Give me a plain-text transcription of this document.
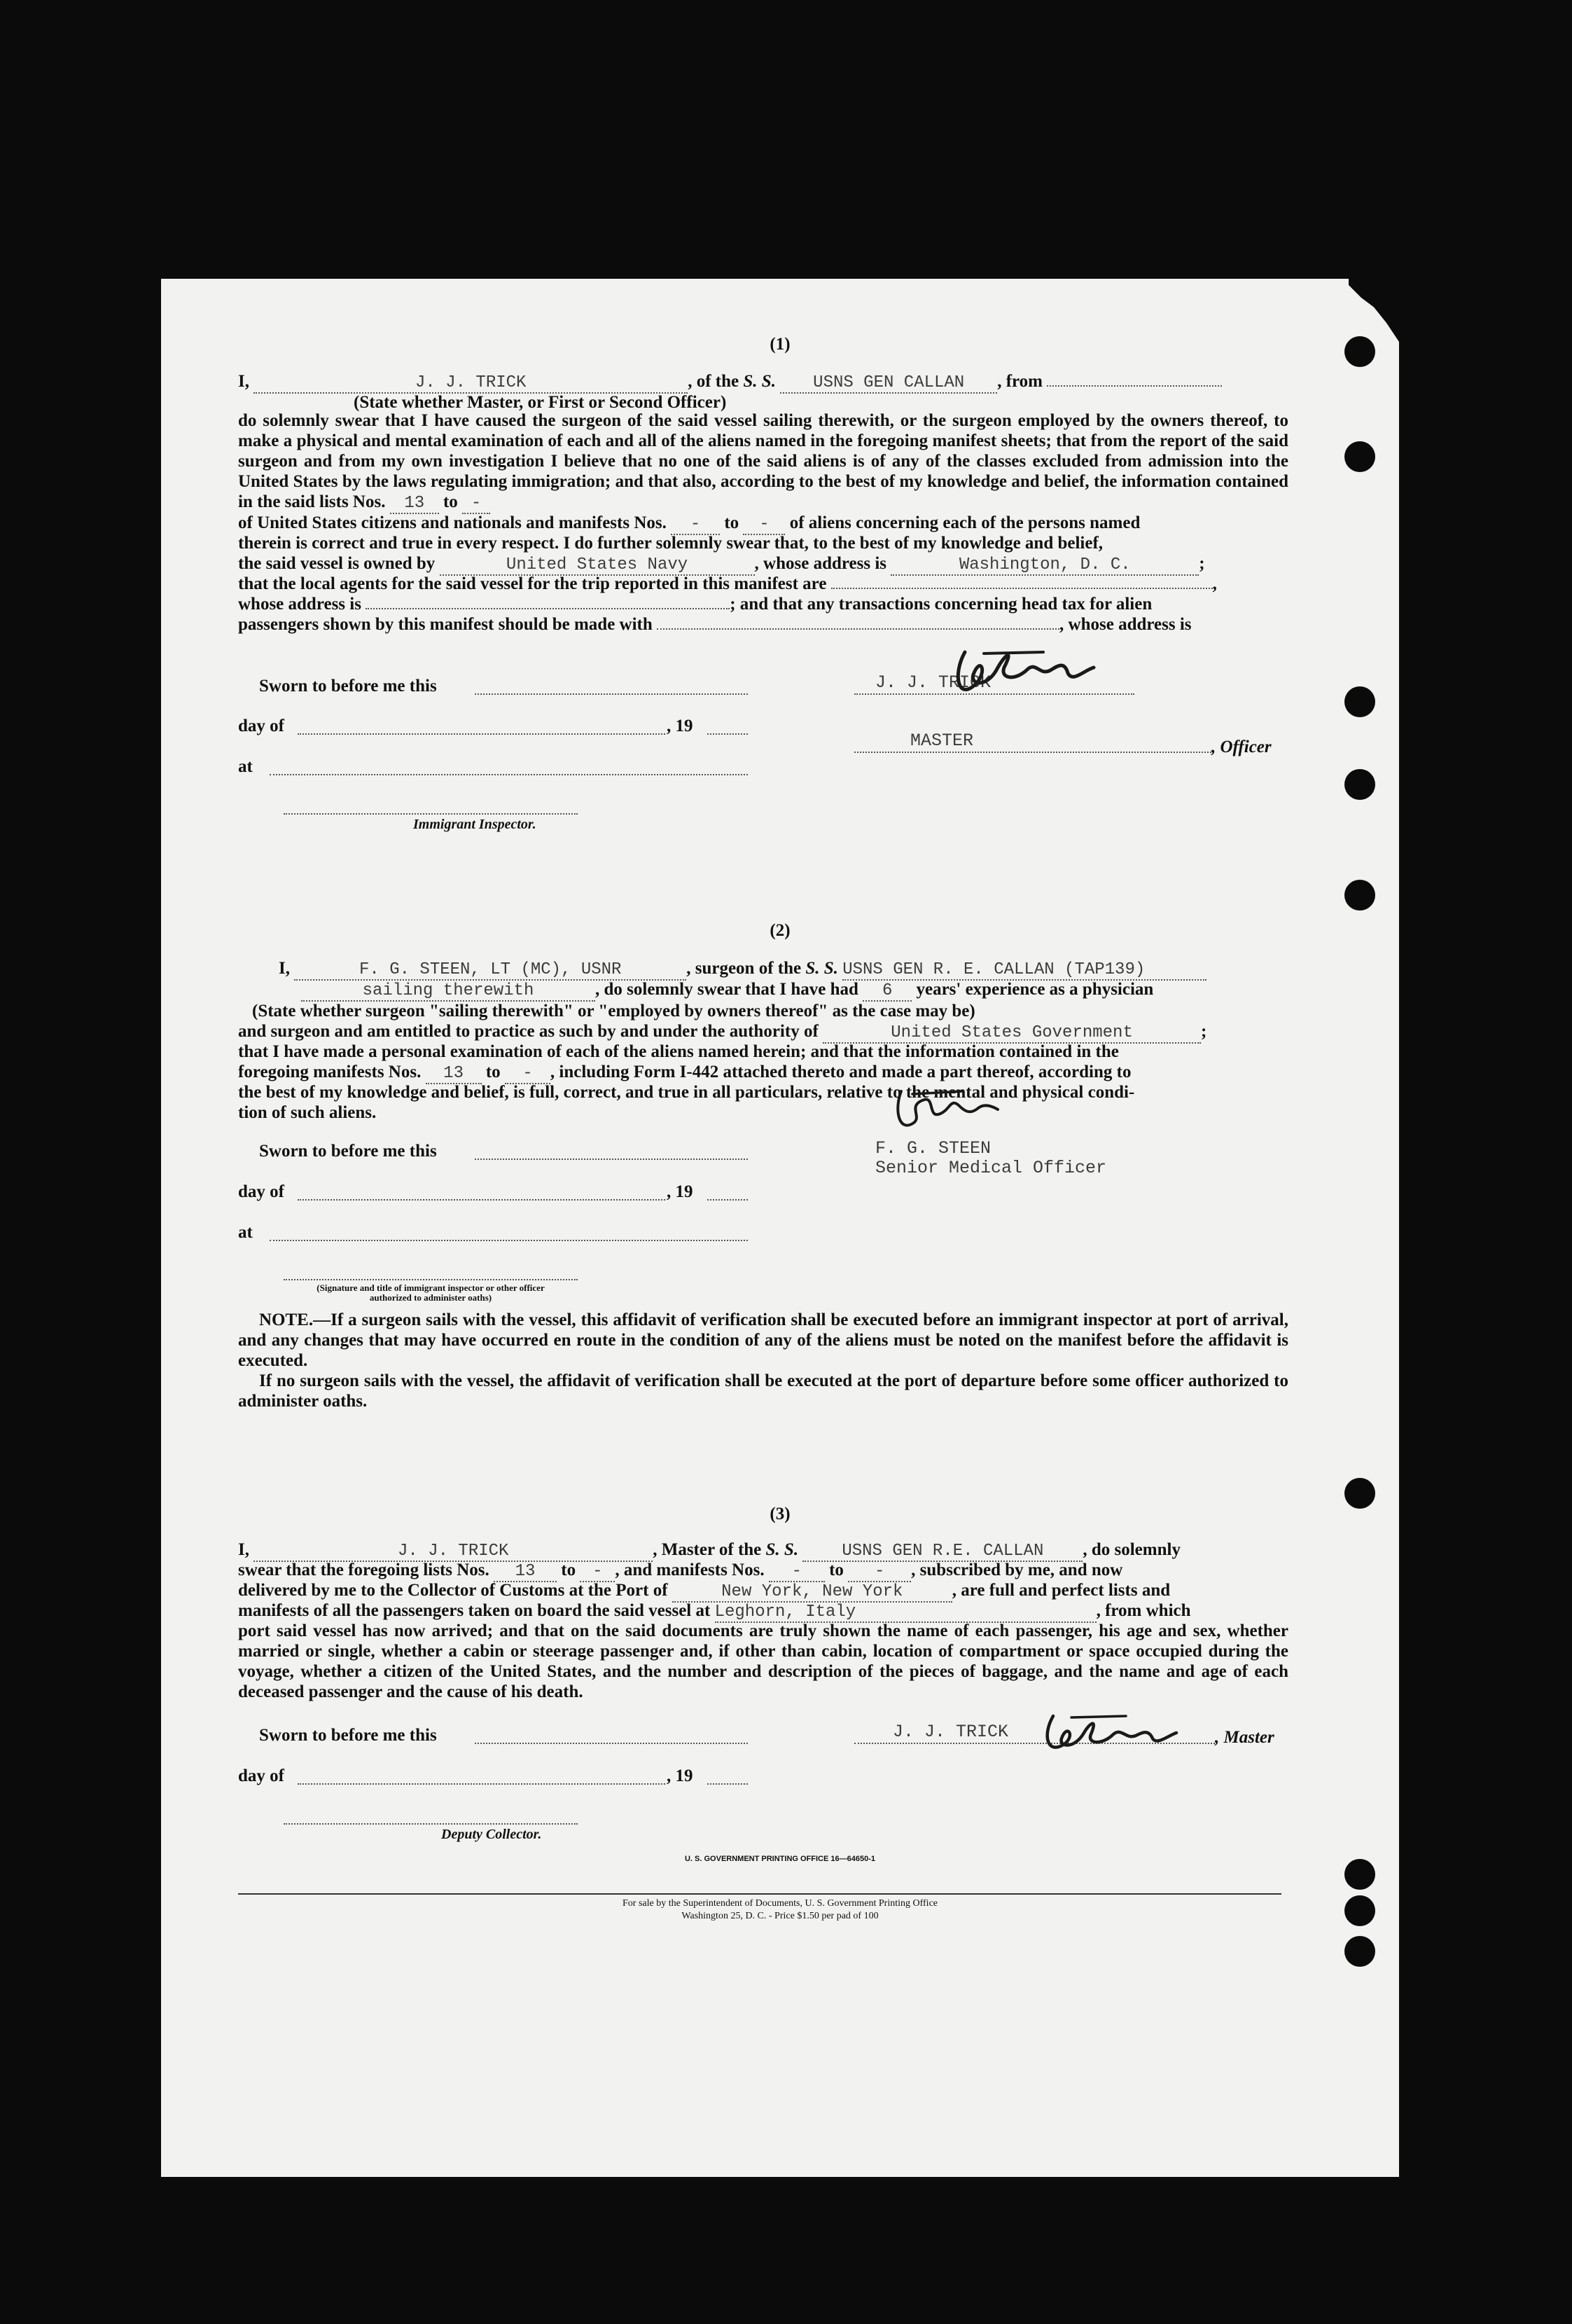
(1)
I,	J. J. TRICK	, of the S. S. USNS GEN CALLAN , from
(State whether Master, or First or Second Officer)
do solemnly swear that I have caused the surgeon of the said vessel sailing therewith, or the surgeon employed by the owners thereof, to make a physical and mental examination of each and all of the aliens named in the foregoing manifest sheets; that from the report of the said surgeon and from my own investigation I believe that no one of the said aliens is of any of the classes excluded from admission into the United States by the laws regulating immigration; and that also, according to the best of my knowledge and belief, the information contained in the said lists Nos. 13 to -
of United States citizens and nationals and manifests Nos. - to - of aliens concerning each of the persons named
therein is correct and true in every respect. I do further solemnly swear that, to the best of my knowledge and belief,
the said vessel is owned by	United States Navy	, whose address is	Washington, D. C.	;
that the local agents for the said vessel for the trip reported in this manifest are	,
whose address is	; and that any transactions concerning head tax for alien
passengers shown by this manifest should be made with	, whose address is
Sworn to before me this
day of	, 19
at
Immigrant Inspector.
J. J. TRICK
MASTER	, Officer
(2)
I,	F. G. STEEN, LT (MC), USNR	, surgeon of the S. S. USNS GEN R. E. CALLAN (TAP139)
sailing therewith	, do solemnly swear that I have had 6 years' experience as a physician
(State whether surgeon "sailing therewith" or "employed by owners thereof" as the case may be)
and surgeon and am entitled to practice as such by and under the authority of	United States Government	;
that I have made a personal examination of each of the aliens named herein; and that the information contained in the
foregoing manifests Nos. 13 to - , including Form I-442 attached thereto and made a part thereof, according to
the best of my knowledge and belief, is full, correct, and true in all particulars, relative to the mental and physical condi-
tion of such aliens.
Sworn to before me this
day of	, 19
at
(Signature and title of immigrant inspector or other officer authorized to administer oaths)
F. G. STEEN
Senior Medical Officer
NOTE.—If a surgeon sails with the vessel, this affidavit of verification shall be executed before an immigrant inspector at port of arrival, and any changes that may have occurred en route in the condition of any of the aliens must be noted on the manifest before the affidavit is executed.
If no surgeon sails with the vessel, the affidavit of verification shall be executed at the port of departure before some officer authorized to administer oaths.
(3)
I,	J. J. TRICK	, Master of the S. S.	USNS GEN R.E. CALLAN , do solemnly
swear that the foregoing lists Nos. 13 to - , and manifests Nos. - to - , subscribed by me, and now
delivered by me to the Collector of Customs at the Port of	New York, New York	, are full and perfect lists and
manifests of all the passengers taken on board the said vessel at Leghorn, Italy	, from which
port said vessel has now arrived; and that on the said documents are truly shown the name of each passenger, his age and sex, whether married or single, whether a cabin or steerage passenger and, if other than cabin, location of compartment or space occupied during the voyage, whether a citizen of the United States, and the number and description of the pieces of baggage, and the name and age of each deceased passenger and the cause of his death.
Sworn to before me this
day of	, 19
Deputy Collector.
J. J. TRICK	, Master
U. S. GOVERNMENT PRINTING OFFICE 16—64650-1
For sale by the Superintendent of Documents, U. S. Government Printing Office
Washington 25, D. C. - Price $1.50 per pad of 100
